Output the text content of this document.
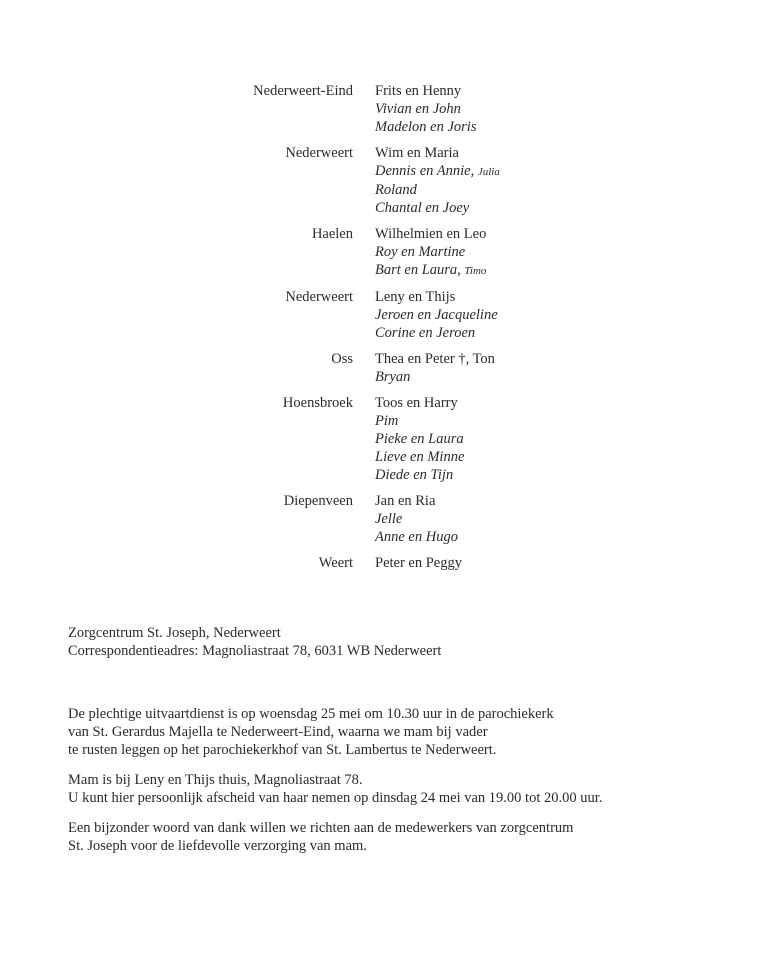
Nederweert-Eind Frits en Henny
Vivian en John
Madelon en Joris
Nederweert Wim en Maria
Dennis en Annie, Julia
Roland
Chantal en Joey
Haelen Wilhelmien en Leo
Roy en Martine
Bart en Laura, Timo
Nederweert Leny en Thijs
Jeroen en Jacqueline
Corine en Jeroen
Oss Thea en Peter †, Ton
Bryan
Hoensbroek Toos en Harry
Pim
Pieke en Laura
Lieve en Minne
Diede en Tijn
Diepenveen Jan en Ria
Jelle
Anne en Hugo
Weert Peter en Peggy
Zorgcentrum St. Joseph, Nederweert
Correspondentieadres: Magnoliastraat 78, 6031 WB Nederweert

De plechtige uitvaartdienst is op woensdag 25 mei om 10.30 uur in de parochiekerk
van St. Gerardus Majella te Nederweert-Eind, waarna we mam bij vader
te rusten leggen op het parochiekerkhof van St. Lambertus te Nederweert.

Mam is bij Leny en Thijs thuis, Magnoliastraat 78.
U kunt hier persoonlijk afscheid van haar nemen op dinsdag 24 mei van 19.00 tot 20.00 uur.

Een bijzonder woord van dank willen we richten aan de medewerkers van zorgcentrum
St. Joseph voor de liefdevolle verzorging van mam.
